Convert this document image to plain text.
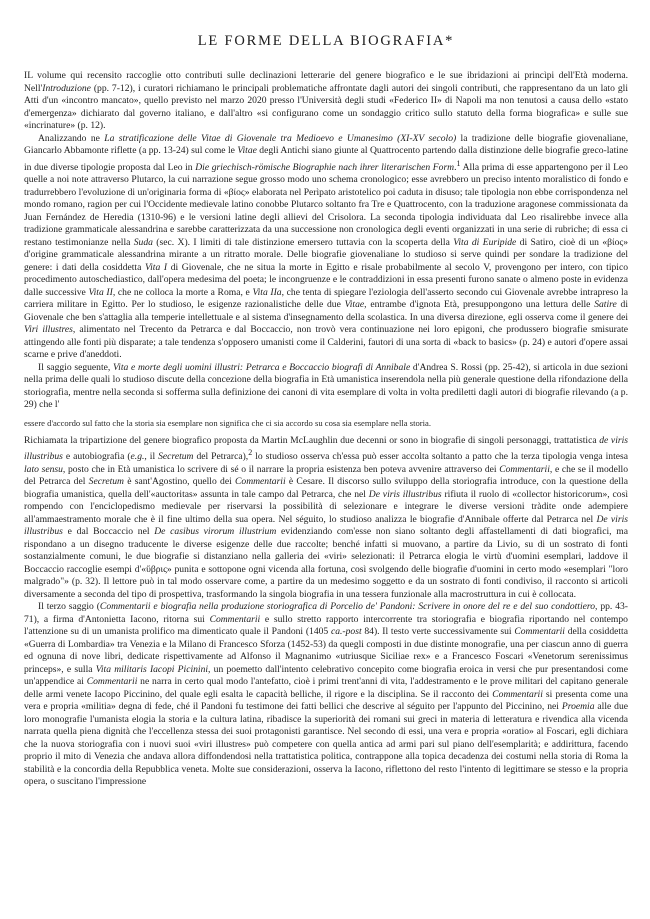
LE FORME DELLA BIOGRAFIA*

IL volume qui recensito raccoglie otto contributi sulle declinazioni letterarie del genere biografico e le sue ibridazioni ai princìpi dell'Età moderna. Nell'Introduzione (pp. 7-12), i curatori richiamano le principali problematiche affrontate dagli autori dei singoli contributi, che rappresentano da un lato gli Atti d'un «incontro mancato», quello previsto nel marzo 2020 presso l'Università degli studi «Federico II» di Napoli ma non tenutosi a causa dello «stato d'emergenza» dichiarato dal governo italiano, e dall'altro «si configurano come un sondaggio critico sullo statuto della forma biografica» e sulle sue «incrinature» (p. 12).

Analizzando ne La stratificazione delle Vitae di Giovenale tra Medioevo e Umanesimo (XI-XV secolo) la tradizione delle biografie giovenaliane, Giancarlo Abbamonte riflette (a pp. 13-24) sul come le Vitae degli Antichi siano giunte al Quattrocento partendo dalla distinzione delle biografie greco-latine in due diverse tipologie proposta dal Leo in Die griechisch-römische Biographie nach ihrer literarischen Form.$^1$ Alla prima di esse appartengono per il Leo quelle a noi note attraverso Plutarco, la cui narrazione segue grosso modo uno schema cronologico; esse avrebbero un preciso intento moralistico di fondo e tradurrebbero l'evoluzione di un'originaria forma di «βίος» elaborata nel Perìpato aristotelico poi caduta in disuso; tale tipologia non ebbe corrispondenza nel mondo romano, ragion per cui l'Occidente medievale latino conobbe Plutarco soltanto fra Tre e Quattrocento, con la traduzione aragonese commissionata da Juan Fernández de Heredia (1310-96) e le versioni latine degli allievi del Crisolora. La seconda tipologia individuata dal Leo risalirebbe invece alla tradizione grammaticale alessandrina e sarebbe caratterizzata da una successione non cronologica degli eventi organizzati in una serie di rubriche; di essa ci restano testimonianze nella Suda (sec. X). I limiti di tale distinzione emersero tuttavia con la scoperta della Vita di Euripide di Satiro, cioè di un «βίος» d'origine grammaticale alessandrina mirante a un ritratto morale. Delle biografie giovenaliane lo studioso si serve quindi per sondare la tradizione del genere: i dati della cosiddetta Vita I di Giovenale, che ne situa la morte in Egitto e risale probabilmente al secolo V, provengono per intero, con tipico procedimento autoschediastico, dall'opera medesima del poeta; le incongruenze e le contraddizioni in essa presenti furono sanate o almeno poste in evidenza dalle successive Vita II, che ne colloca la morte a Roma, e Vita IIa, che tenta di spiegare l'eziologia dell'asserto secondo cui Giovenale avrebbe intrapreso la carriera militare in Egitto. Per lo studioso, le esigenze razionalistiche delle due Vitae, entrambe d'ignota Età, presuppongono una lettura delle Satire di Giovenale che ben s'attaglia alla temperie intellettuale e al sistema d'insegnamento della scolastica. In una diversa direzione, egli osserva come il genere dei Viri illustres, alimentato nel Trecento da Petrarca e dal Boccaccio, non trovò vera continuazione nei loro epigoni, che produssero biografie smisurate attingendo alle fonti più disparate; a tale tendenza s'opposero umanisti come il Calderini, fautori di una sorta di «back to basics» (p. 24) e autori d'opere assai scarne e prive d'aneddoti.

Il saggio seguente, Vita e morte degli uomini illustri: Petrarca e Boccaccio biografi di Annibale d'Andrea S. Rossi (pp. 25-42), si articola in due sezioni nella prima delle quali lo studioso discute della concezione della biografia in Età umanistica inserendola nella più generale questione della rifondazione della storiografia, mentre nella seconda si sofferma sulla definizione dei canoni di vita esemplare di volta in volta prediletti dagli autori di biografie rilevando (a p. 29) che l'

essere d'accordo sul fatto che la storia sia esemplare non significa che ci sia accordo su cosa sia esemplare nella storia.

Richiamata la tripartizione del genere biografico proposta da Martin McLaughlin due decenni or sono in biografie di singoli personaggi, trattatistica de viris illustribus e autobiografia (e.g., il Secretum del Petrarca),$^2$ lo studioso osserva ch'essa può esser accolta soltanto a patto che la terza tipologia venga intesa lato sensu, posto che in Età umanistica lo scrivere di sé o il narrare la propria esistenza ben poteva avvenire attraverso dei Commentarii, e che se il modello del Petrarca del Secretum è sant'Agostino, quello dei Commentarii è Cesare. Il discorso sullo sviluppo della storiografia introduce, con la questione della biografia umanistica, quella dell'«auctoritas» assunta in tale campo dal Petrarca, che nel De viris illustribus rifiuta il ruolo di «collector historicorum», così rompendo con l'enciclopedismo medievale per riservarsi la possibilità di selezionare e integrare le diverse versioni tràdite onde adempiere all'ammaestramento morale che è il fine ultimo della sua opera. Nel séguito, lo studioso analizza le biografie d'Annibale offerte dal Petrarca nel De viris illustribus e dal Boccaccio nel De casibus virorum illustrium evidenziando com'esse non siano soltanto degli affastellamenti di dati biografici, ma rispondano a un disegno traducente le diverse esigenze delle due raccolte; benché infatti si muovano, a partire da Livio, su di un sostrato di fonti sostanzialmente comuni, le due biografie si distanziano nella galleria dei «viri» selezionati: il Petrarca elogia le virtù d'uomini esemplari, laddove il Boccaccio raccoglie esempi d'«ὕβρις» punita e sottopone ogni vicenda alla fortuna, così svolgendo delle biografie d'uomini in certo modo «esemplari "loro malgrado"» (p. 32). Il lettore può in tal modo osservare come, a partire da un medesimo soggetto e da un sostrato di fonti condiviso, il racconto si articoli diversamente a seconda del tipo di prospettiva, trasformando la singola biografia in una tessera funzionale alla macrostruttura in cui è collocata.

Il terzo saggio (Commentarii e biografia nella produzione storiografica di Porcelio de' Pandoni: Scrivere in onore del re e del suo condottiero, pp. 43-71), a firma d'Antonietta Iacono, ritorna sui Commentarii e sullo stretto rapporto intercorrente tra storiografia e biografia riportando nel contempo l'attenzione su di un umanista prolifico ma dimenticato quale il Pandoni (1405 ca.-post 84). Il testo verte successivamente sui Commentarii della cosiddetta «Guerra di Lombardia» tra Venezia e la Milano di Francesco Sforza (1452-53) da quegli composti in due distinte monografie, una per ciascun anno di guerra ed ognuna di nove libri, dedicate rispettivamente ad Alfonso il Magnanimo «utriusque Siciliae rex» e a Francesco Foscari «Venetorum serenissimus princeps», e sulla Vita militaris Iacopi Picinini, un poemetto dall'intento celebrativo concepito come biografia eroica in versi che pur presentandosi come un'appendice ai Commentarii ne narra in certo qual modo l'antefatto, cioè i primi trent'anni di vita, l'addestramento e le prove militari del capitano generale delle armi venete Iacopo Piccinino, del quale egli esalta le capacità belliche, il rigore e la disciplina. Se il racconto dei Commentarii si presenta come una vera e propria «militia» degna di fede, ché il Pandoni fu testimone dei fatti bellici che descrive al séguito per l'appunto del Piccinino, nei Proemia alle due loro monografie l'umanista elogia la storia e la cultura latina, ribadisce la superiorità dei romani sui greci in materia di letteratura e rivendica alla vicenda narrata quella piena dignità che l'eccellenza stessa dei suoi protagonisti garantisce. Nel secondo di essi, una vera e propria «oratio» al Foscari, egli dichiara che la nuova storiografia con i nuovi suoi «viri illustres» può competere con quella antica ad armi pari sul piano dell'esemplarità; e addirittura, facendo proprio il mito di Venezia che andava allora diffondendosi nella trattatistica politica, contrappone alla topica decadenza dei costumi nella storia di Roma la stabilità e la concordia della Repubblica veneta. Molte sue considerazioni, osserva la Iacono, riflettono del resto l'intento di legittimare se stesso e la propria opera, o suscitano l'impressione
